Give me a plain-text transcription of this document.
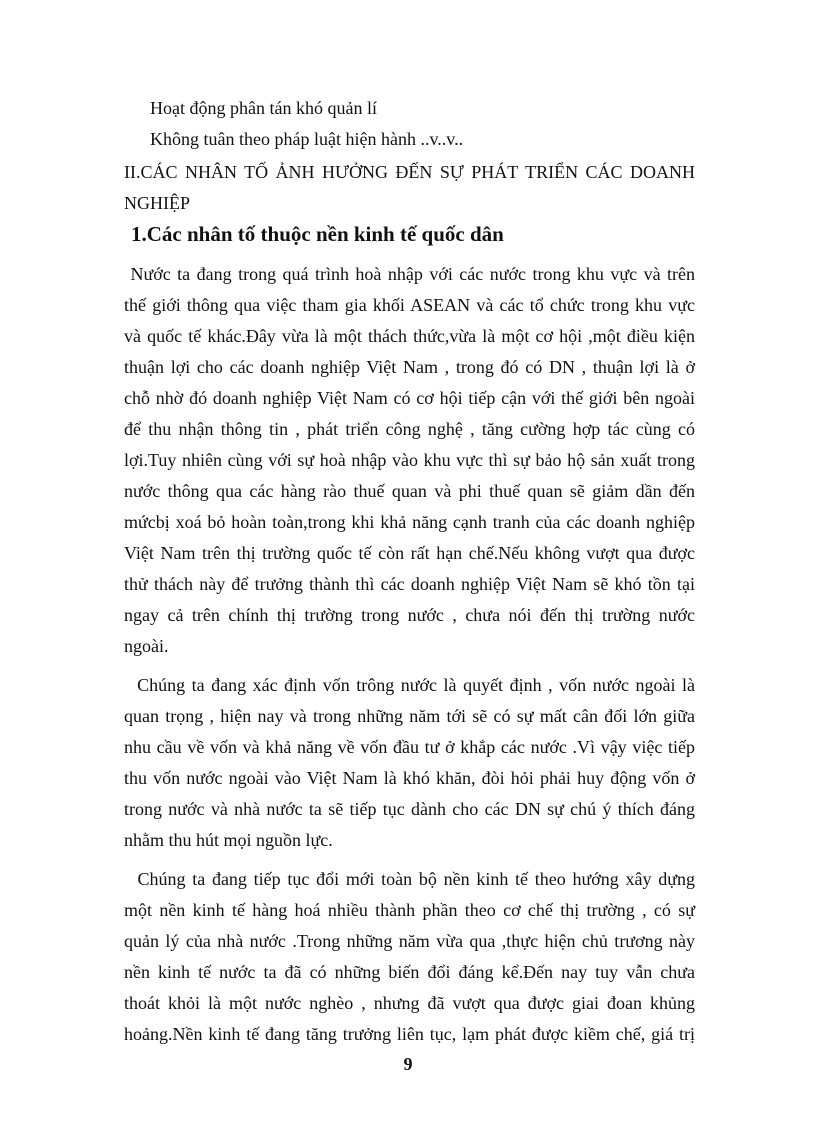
Hoạt động phân tán khó quản lí
Không tuân theo pháp luật hiện hành ..v..v..
II.CÁC NHÂN TỐ ẢNH HƯỞNG ĐẾN SỰ PHÁT TRIỂN CÁC DOANH
NGHIỆP
1.Các nhân tố thuộc nền kinh tế quốc dân
Nước ta đang trong quá trình hoà nhập với các nước trong khu vực và trên
thế giới thông qua việc tham gia khối ASEAN và các tổ chức trong khu vực
và quốc tế khác.Đây vừa là một thách thức,vừa là một cơ hội ,một điều kiện
thuận lợi cho các doanh nghiệp Việt Nam , trong đó có DN , thuận lợi là ở
chỗ nhờ đó doanh nghiệp Việt Nam có cơ hội tiếp cận với thế giới bên ngoài
để thu nhận thông tin , phát triển công nghệ , tăng cường hợp tác cùng có
lợi.Tuy nhiên cùng với sự hoà nhập vào khu vực thì sự bảo hộ sản xuất trong
nước thông qua các hàng rào thuế quan và phi thuế quan sẽ giảm dần đến
mứcbị xoá bỏ hoàn toàn,trong khi khả năng cạnh tranh của các doanh nghiệp
Việt Nam trên thị trường quốc tế còn rất hạn chế.Nếu không vượt qua được
thử thách này để trưởng thành thì các doanh nghiệp Việt Nam sẽ khó tồn tại
ngay cả trên chính thị trường trong nước , chưa nói đến thị trường nước
ngoài.
Chúng ta đang xác định vốn trông nước là quyết định , vốn nước ngoài là
quan trọng , hiện nay và trong những năm tới sẽ có sự mất cân đối lớn giữa
nhu cầu về vốn và khả năng về vốn đầu tư ở khắp các nước .Vì vậy việc tiếp
thu vốn nước ngoài vào Việt Nam là khó khăn, đòi hỏi phải huy động vốn ở
trong nước và nhà nước ta sẽ tiếp tục dành cho các DN sự chú ý thích đáng
nhằm thu hút mọi nguồn lực.
Chúng ta đang tiếp tục đổi mới toàn bộ nền kinh tế theo hướng xây dựng
một nền kinh tế hàng hoá nhiều thành phần theo cơ chế thị trường , có sự
quản lý của nhà nước .Trong những năm vừa qua ,thực hiện chủ trương này
nền kinh tế nước ta đã có những biến đổi đáng kể.Đến nay tuy vẫn chưa
thoát khỏi là một nước nghèo , nhưng đã vượt qua được giai đoan khủng
hoảng.Nền kinh tế đang tăng trưởng liên tục, lạm phát được kiềm chế, giá trị
9
